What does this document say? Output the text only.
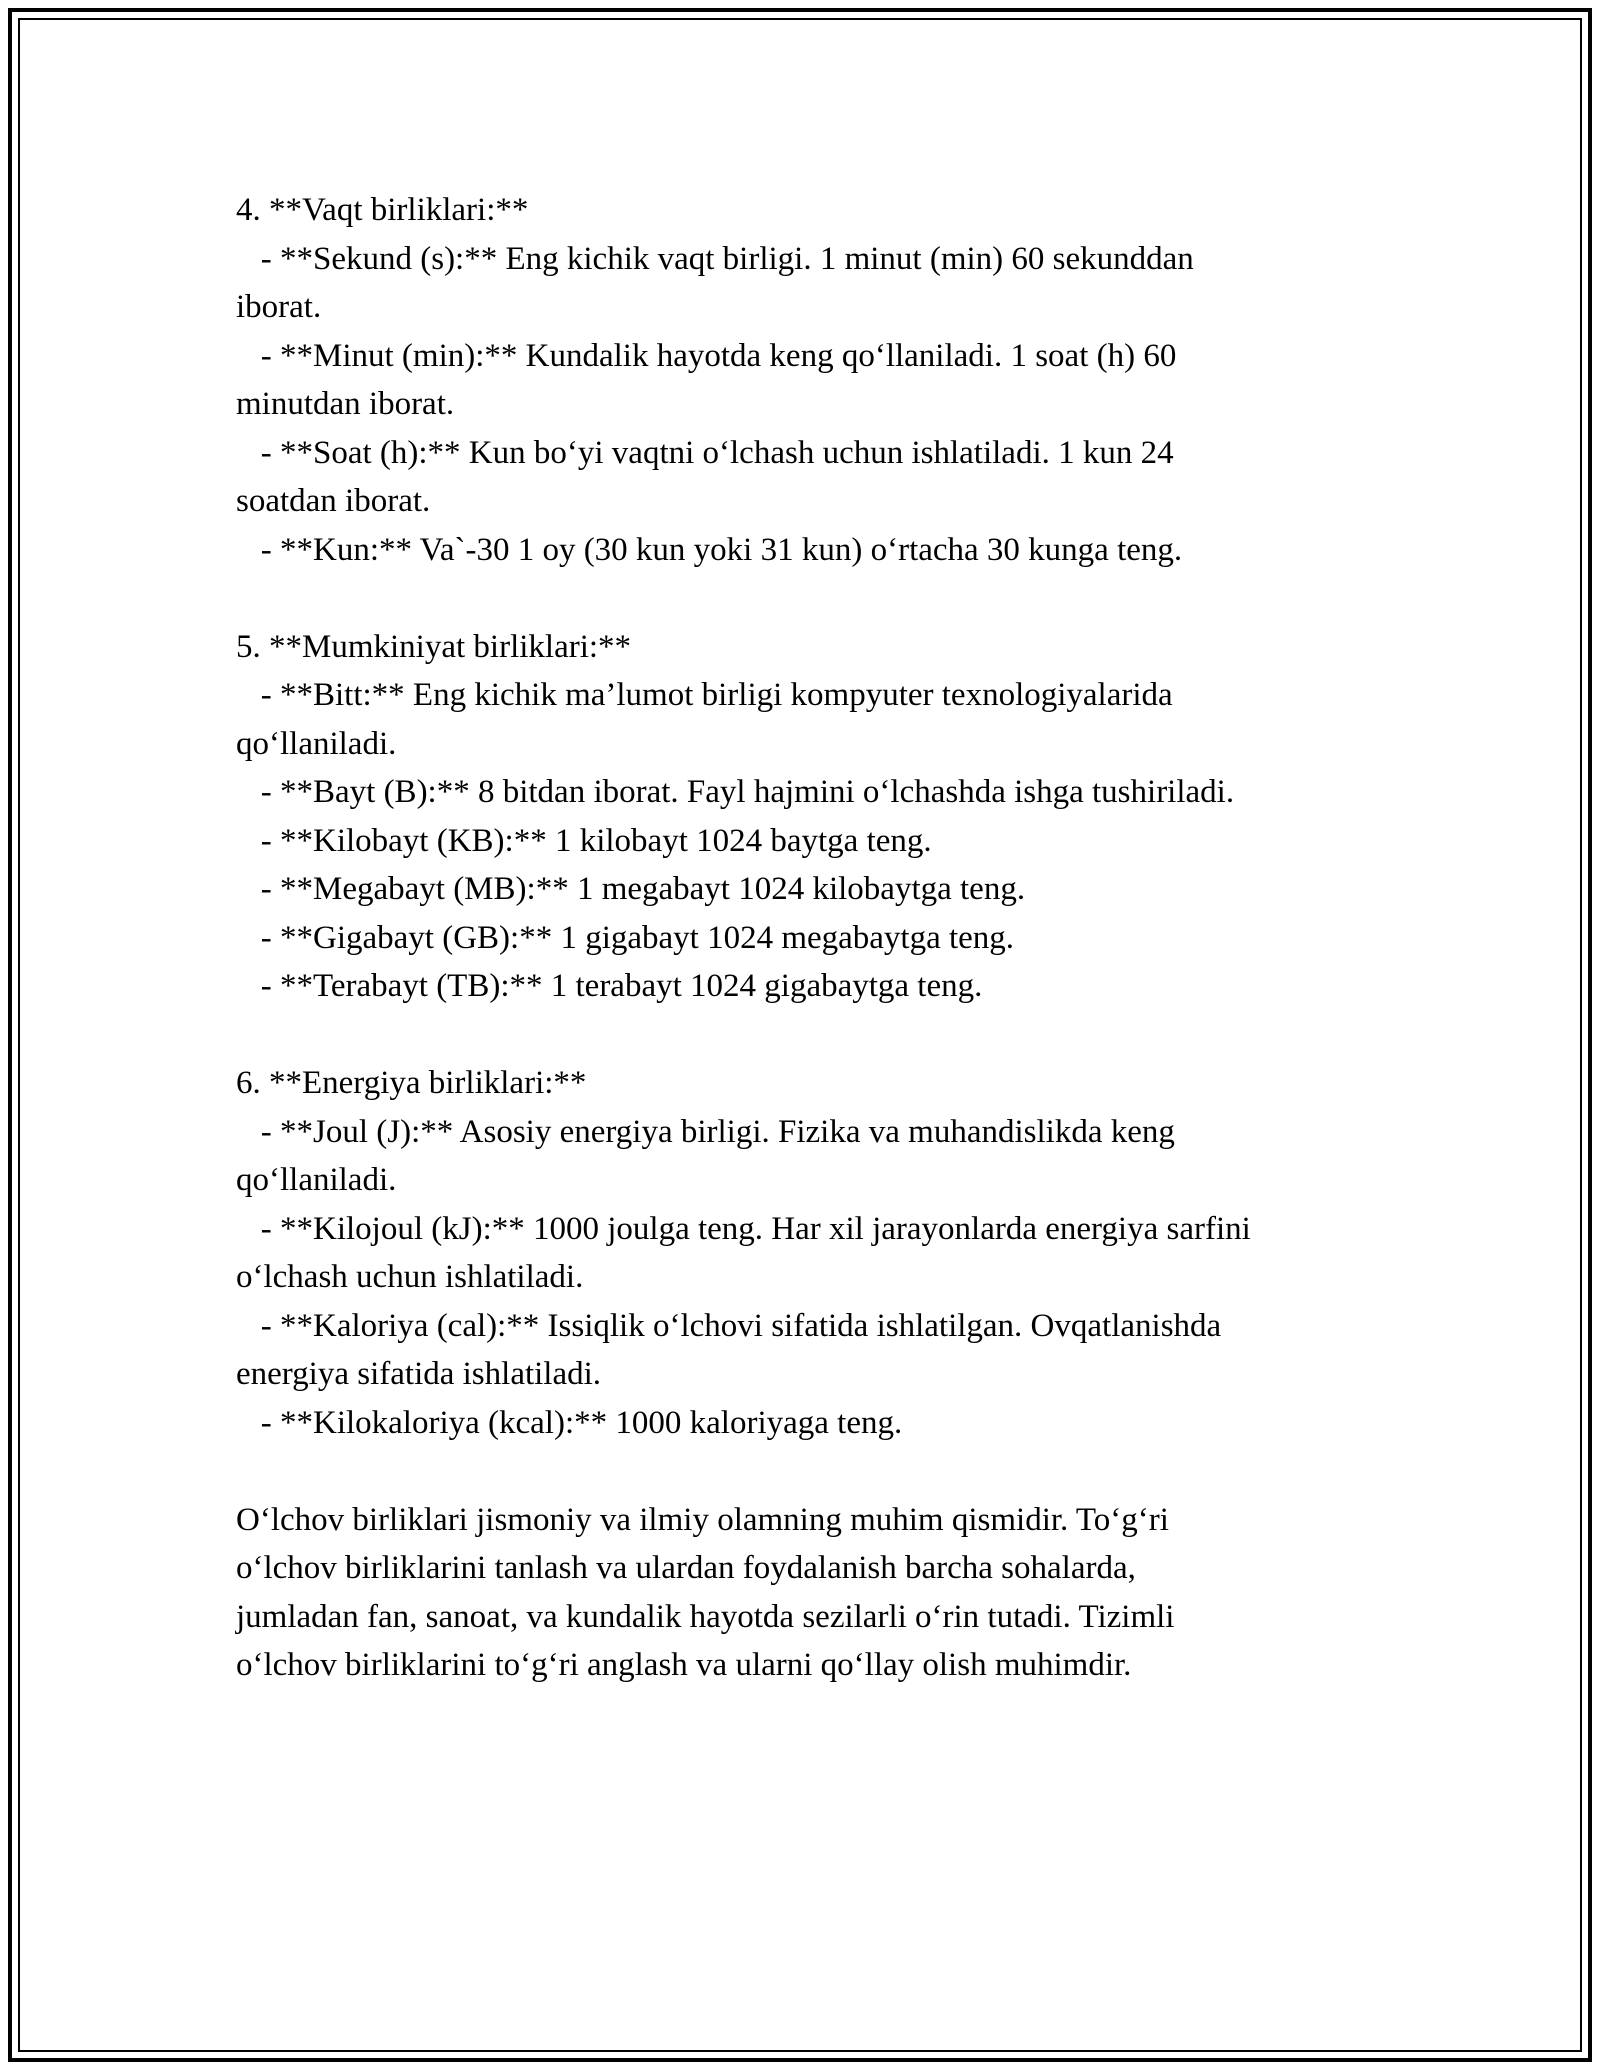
4. **Vaqt birliklari:**
- **Sekund (s):** Eng kichik vaqt birligi. 1 minut (min) 60 sekunddan
iborat.
- **Minut (min):** Kundalik hayotda keng qo‘llaniladi. 1 soat (h) 60
minutdan iborat.
- **Soat (h):** Kun bo‘yi vaqtni o‘lchash uchun ishlatiladi. 1 kun 24
soatdan iborat.
- **Kun:** Va`-30 1 oy (30 kun yoki 31 kun) o‘rtacha 30 kunga teng.
5. **Mumkiniyat birliklari:**
- **Bitt:** Eng kichik ma’lumot birligi kompyuter texnologiyalarida
qo‘llaniladi.
- **Bayt (B):** 8 bitdan iborat. Fayl hajmini o‘lchashda ishga tushiriladi.
- **Kilobayt (KB):** 1 kilobayt 1024 baytga teng.
- **Megabayt (MB):** 1 megabayt 1024 kilobaytga teng.
- **Gigabayt (GB):** 1 gigabayt 1024 megabaytga teng.
- **Terabayt (TB):** 1 terabayt 1024 gigabaytga teng.
6. **Energiya birliklari:**
- **Joul (J):** Asosiy energiya birligi. Fizika va muhandislikda keng
qo‘llaniladi.
- **Kilojoul (kJ):** 1000 joulga teng. Har xil jarayonlarda energiya sarfini
o‘lchash uchun ishlatiladi.
- **Kaloriya (cal):** Issiqlik o‘lchovi sifatida ishlatilgan. Ovqatlanishda
energiya sifatida ishlatiladi.
- **Kilokaloriya (kcal):** 1000 kaloriyaga teng.
O‘lchov birliklari jismoniy va ilmiy olamning muhim qismidir. To‘g‘ri
o‘lchov birliklarini tanlash va ulardan foydalanish barcha sohalarda,
jumladan fan, sanoat, va kundalik hayotda sezilarli o‘rin tutadi. Tizimli
o‘lchov birliklarini to‘g‘ri anglash va ularni qo‘llay olish muhimdir.
